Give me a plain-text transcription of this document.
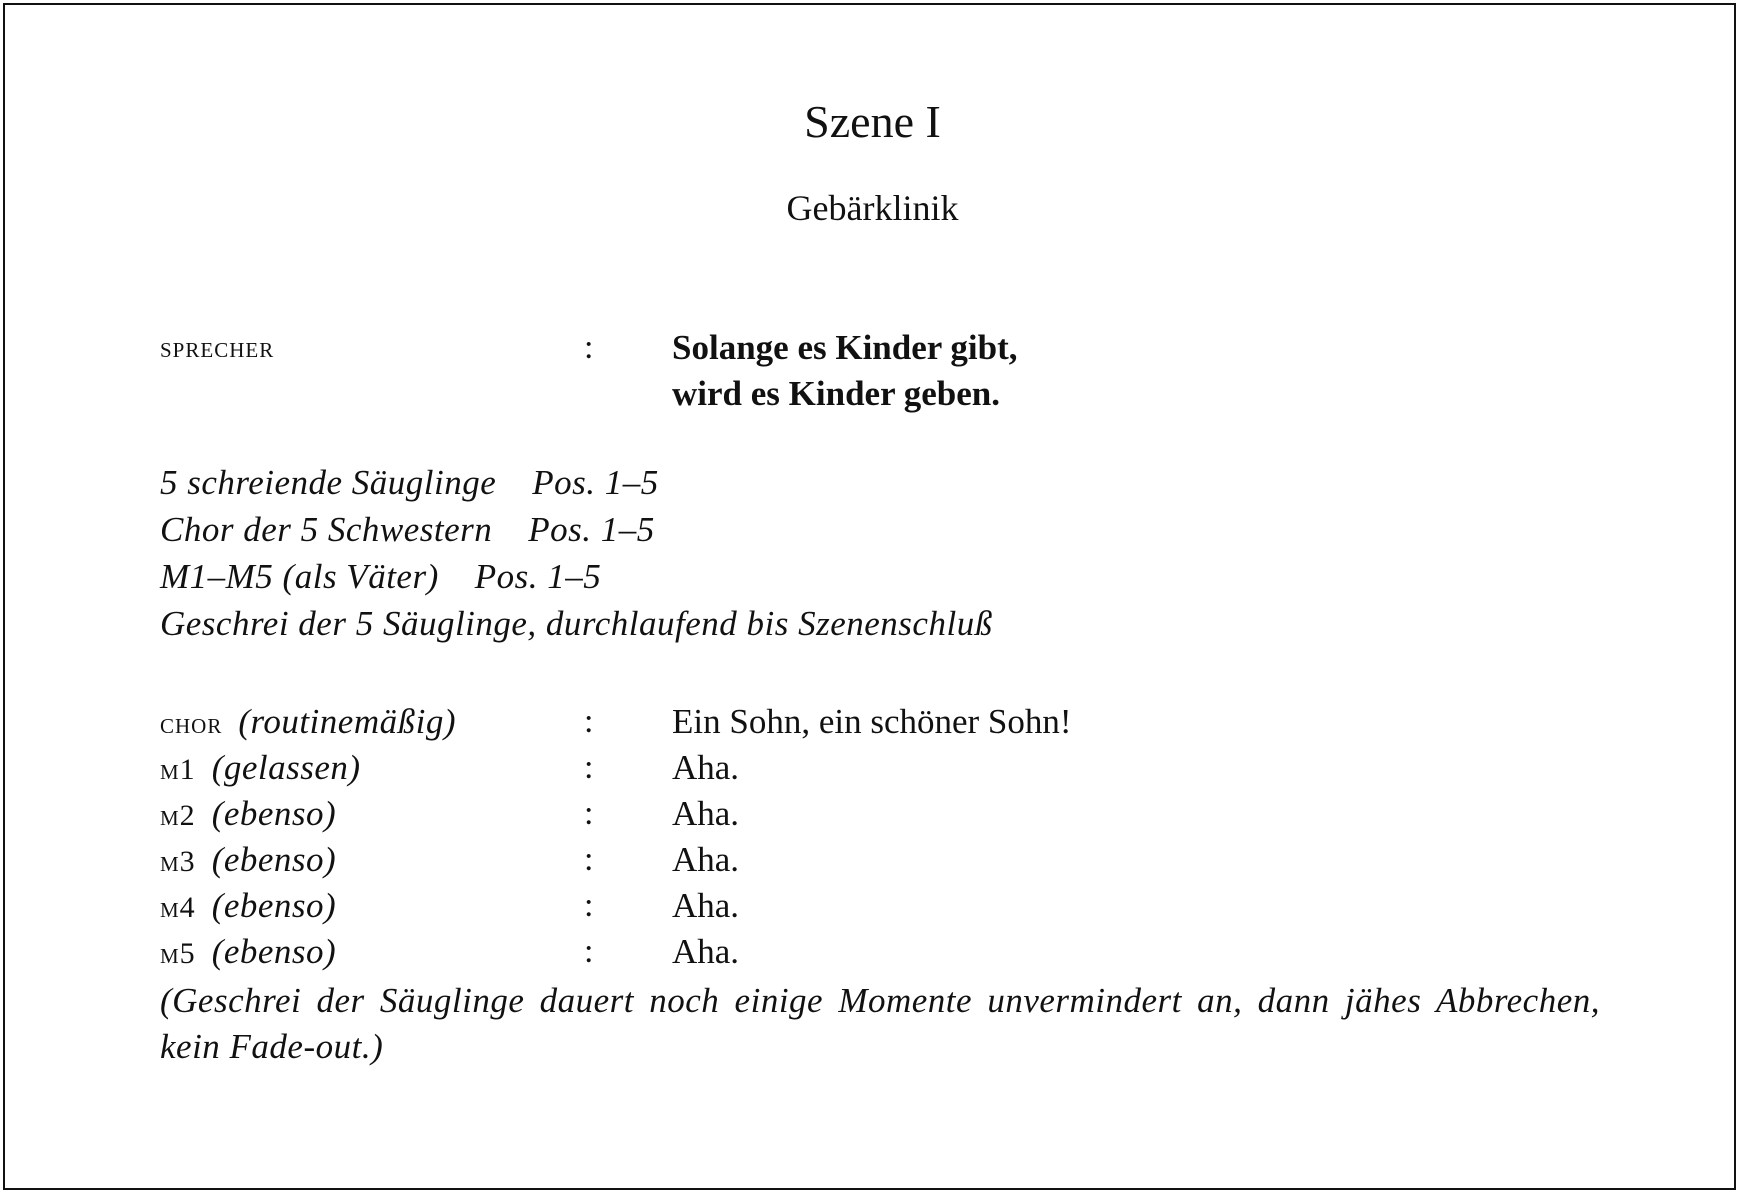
Szene I
Gebärklinik
sprecher	: Solange es Kinder gibt,
wird es Kinder geben.
5 schreiende Säuglinge Pos. 1–5
Chor der 5 Schwestern Pos. 1–5
M1–M5 (als Väter) Pos. 1–5
Geschrei der 5 Säuglinge, durchlaufend bis Szenenschluß
chor (routinemäßig)	: Ein Sohn, ein schöner Sohn!
m1 (gelassen)	: Aha.
m2 (ebenso)	: Aha.
m3 (ebenso)	: Aha.
m4 (ebenso)	: Aha.
m5 (ebenso)	: Aha.
(Geschrei der Säuglinge dauert noch einige Momente unvermindert an, dann jähes Abbrechen, kein Fade-out.)
